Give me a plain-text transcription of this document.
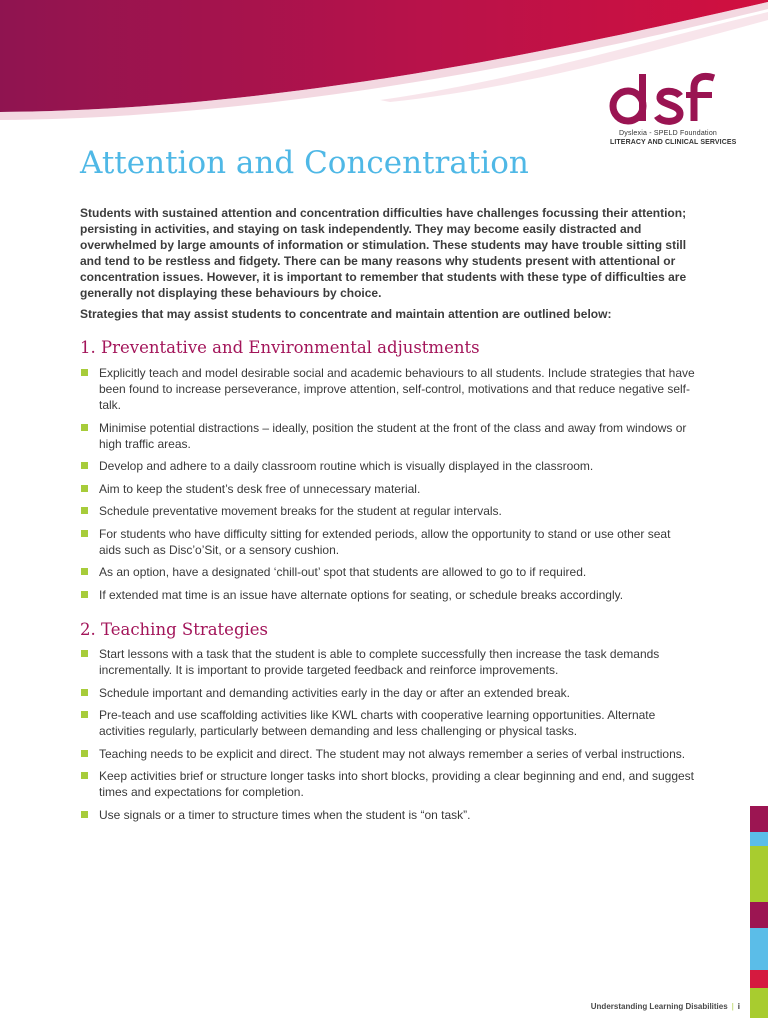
Dyslexia - SPELD Foundation
LITERACY AND CLINICAL SERVICES
Attention and Concentration

Students with sustained attention and concentration difficulties have challenges focussing their attention; persisting in activities, and staying on task independently. They may become easily distracted and overwhelmed by large amounts of information or stimulation. These students may have trouble sitting still and tend to be restless and fidgety. There can be many reasons why students present with attentional or concentration issues. However, it is important to remember that students with these type of difficulties are generally not displaying these behaviours by choice.

Strategies that may assist students to concentrate and maintain attention are outlined below:

1. Preventative and Environmental adjustments
Explicitly teach and model desirable social and academic behaviours to all students. Include strategies that have been found to increase perseverance, improve attention, self-control, motivations and that reduce negative self-talk.
Minimise potential distractions – ideally, position the student at the front of the class and away from windows or high traffic areas.
Develop and adhere to a daily classroom routine which is visually displayed in the classroom.
Aim to keep the student’s desk free of unnecessary material.
Schedule preventative movement breaks for the student at regular intervals.
For students who have difficulty sitting for extended periods, allow the opportunity to stand or use other seat aids such as Disc’o’Sit, or a sensory cushion.
As an option, have a designated ‘chill-out’ spot that students are allowed to go to if required.
If extended mat time is an issue have alternate options for seating, or schedule breaks accordingly.
2. Teaching Strategies
Start lessons with a task that the student is able to complete successfully then increase the task demands incrementally. It is important to provide targeted feedback and reinforce improvements.
Schedule important and demanding activities early in the day or after an extended break.
Pre-teach and use scaffolding activities like KWL charts with cooperative learning opportunities. Alternate activities regularly, particularly between demanding and less challenging or physical tasks.
Teaching needs to be explicit and direct. The student may not always remember a series of verbal instructions.
Keep activities brief or structure longer tasks into short blocks, providing a clear beginning and end, and suggest times and expectations for completion.
Use signals or a timer to structure times when the student is “on task”.
Understanding Learning Disabilities | i
